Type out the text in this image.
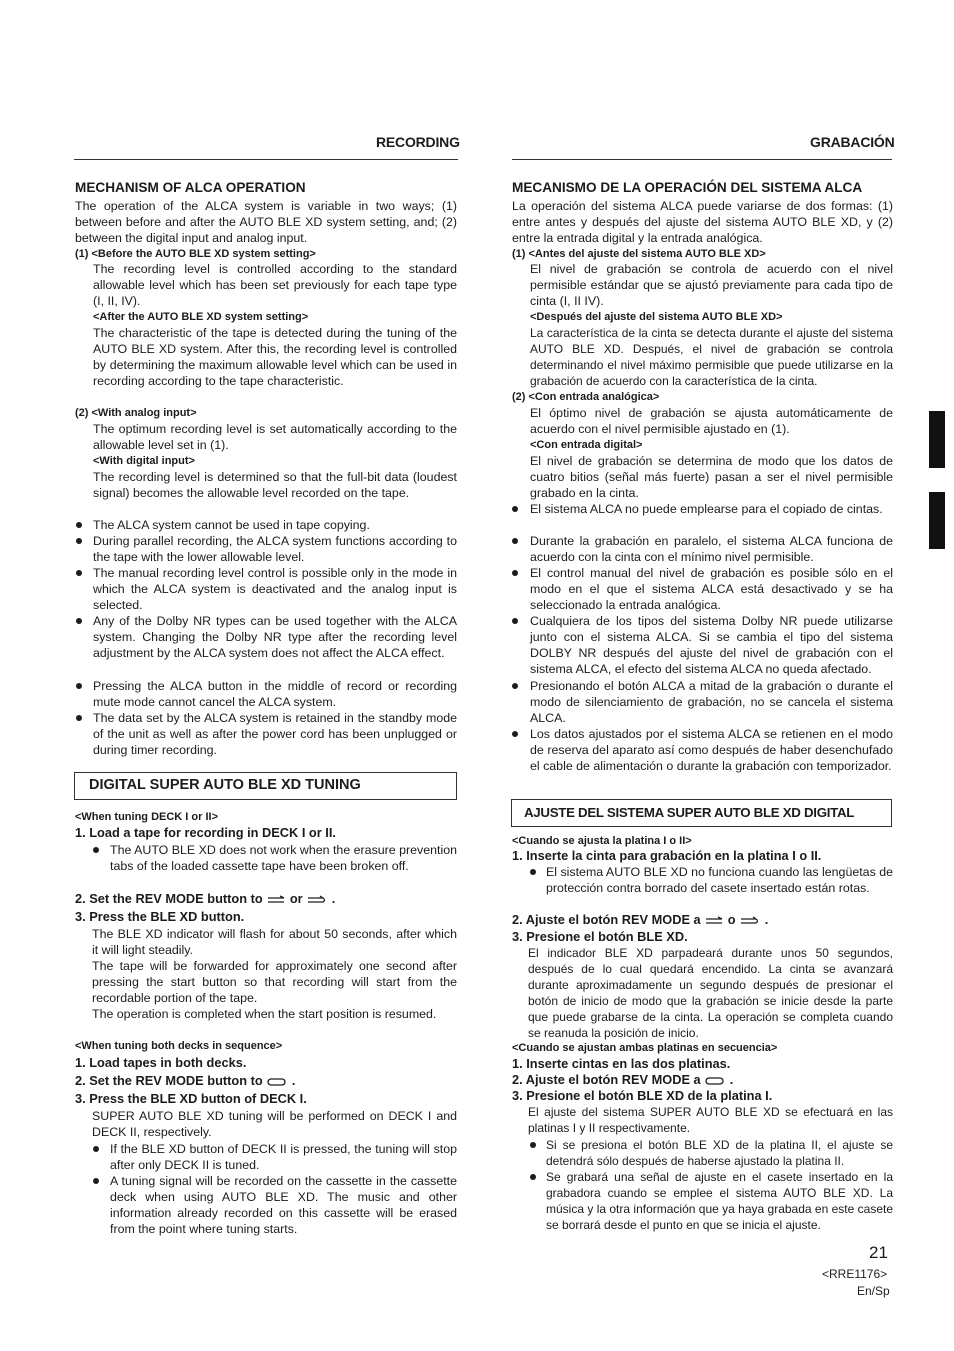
RECORDING
MECHANISM OF ALCA OPERATION
The operation of the ALCA system is variable in two ways; (1) between before and after the AUTO BLE XD system setting, and; (2) between the digital input and analog input.
(1) <Before the AUTO BLE XD system setting>
The recording level is controlled according to the standard allowable level which has been set previously for each tape type (I, II, IV).
<After the AUTO BLE XD system setting>
The characteristic of the tape is detected during the tuning of the AUTO BLE XD system. After this, the recording level is controlled by determining the maximum allowable level which can be used in recording according to the tape characteristic.
(2) <With analog input>
The optimum recording level is set automatically according to the allowable level set in (1).
<With digital input>
The recording level is determined so that the full-bit data (loudest signal) becomes the allowable level recorded on the tape.
The ALCA system cannot be used in tape copying.
During parallel recording, the ALCA system functions according to the tape with the lower allowable level.
The manual recording level control is possible only in the mode in which the ALCA system is deactivated and the analog input is selected.
Any of the Dolby NR types can be used together with the ALCA system. Changing the Dolby NR type after the recording level adjustment by the ALCA system does not affect the ALCA effect.
Pressing the ALCA button in the middle of record or recording mute mode cannot cancel the ALCA system.
The data set by the ALCA system is retained in the standby mode of the unit as well as after the power cord has been unplugged or during timer recording.
DIGITAL SUPER AUTO BLE XD TUNING
<When tuning DECK I or II>
1. Load a tape for recording in DECK I or II.
The AUTO BLE XD does not work when the erasure prevention tabs of the loaded cassette tape have been broken off.
2. Set the REV MODE button to or .
3. Press the BLE XD button.
The BLE XD indicator will flash for about 50 seconds, after which it will light steadily.
The tape will be forwarded for approximately one second after pressing the start button so that recording will start from the recordable portion of the tape.
The operation is completed when the start position is resumed.
<When tuning both decks in sequence>
1. Load tapes in both decks.
2. Set the REV MODE button to .
3. Press the BLE XD button of DECK I.
SUPER AUTO BLE XD tuning will be performed on DECK I and DECK II, respectively.
If the BLE XD button of DECK II is pressed, the tuning will stop after only DECK II is tuned.
A tuning signal will be recorded on the cassette in the cassette deck when using AUTO BLE XD. The music and other information already recorded on this cassette will be erased from the point where tuning starts.
GRABACIÓN
MECANISMO DE LA OPERACIÓN DEL SISTEMA ALCA
La operación del sistema ALCA puede variarse de dos formas: (1) entre antes y después del ajuste del sistema AUTO BLE XD, y (2) entre la entrada digital y la entrada analógica.
(1) <Antes del ajuste del sistema AUTO BLE XD>
El nivel de grabación se controla de acuerdo con el nivel permisible estándar que se ajustó previamente para cada tipo de cinta (I, II IV).
<Después del ajuste del sistema AUTO BLE XD>
La característica de la cinta se detecta durante el ajuste del sistema AUTO BLE XD. Después, el nivel de grabación se controla determinando el nivel máximo permisible que puede utilizarse en la grabación de acuerdo con la característica de la cinta.
(2) <Con entrada analógica>
El óptimo nivel de grabación se ajusta automáticamente de acuerdo con el nivel permisible ajustado en (1).
<Con entrada digital>
El nivel de grabación se determina de modo que los datos de cuatro bitios (señal más fuerte) pasan a ser el nivel permisible grabado en la cinta.
El sistema ALCA no puede emplearse para el copiado de cintas.
Durante la grabación en paralelo, el sistema ALCA funciona de acuerdo con la cinta con el mínimo nivel permisible.
El control manual del nivel de grabación es posible sólo en el modo en el que el sistema ALCA está desactivado y se ha seleccionado la entrada analógica.
Cualquiera de los tipos del sistema Dolby NR puede utilizarse junto con el sistema ALCA. Si se cambia el tipo del sistema DOLBY NR después del ajuste del nivel de grabación con el sistema ALCA, el efecto del sistema ALCA no queda afectado.
Presionando el botón ALCA a mitad de la grabación o durante el modo de silenciamiento de grabación, no se cancela el sistema ALCA.
Los datos ajustados por el sistema ALCA se retienen en el modo de reserva del aparato así como después de haber desenchufado el cable de alimentación o durante la grabación con temporizador.
AJUSTE DEL SISTEMA SUPER AUTO BLE XD DIGITAL
<Cuando se ajusta la platina I o II>
1. Inserte la cinta para grabación en la platina I o II.
El sistema AUTO BLE XD no funciona cuando las lengüetas de protección contra borrado del casete insertado están rotas.
2. Ajuste el botón REV MODE a o .
3. Presione el botón BLE XD.
El indicador BLE XD parpadeará durante unos 50 segundos, después de lo cual quedará encendido. La cinta se avanzará durante aproximadamente un segundo después de presionar el botón de inicio de modo que la grabación se inicie desde la parte que puede grabarse de la cinta. La operación se completa cuando se reanuda la posición de inicio.
<Cuando se ajustan ambas platinas en secuencia>
1. Inserte cintas en las dos platinas.
2. Ajuste el botón REV MODE a .
3. Presione el botón BLE XD de la platina I.
El ajuste del sistema SUPER AUTO BLE XD se efectuará en las platinas I y II respectivamente.
Si se presiona el botón BLE XD de la platina II, el ajuste se detendrá sólo después de haberse ajustado la platina II.
Se grabará una señal de ajuste en el casete insertado en la grabadora cuando se emplee el sistema AUTO BLE XD. La música y la otra información que ya haya grabada en este casete se borrará desde el punto en que se inicia el ajuste.
21
<RRE1176>
En/Sp
